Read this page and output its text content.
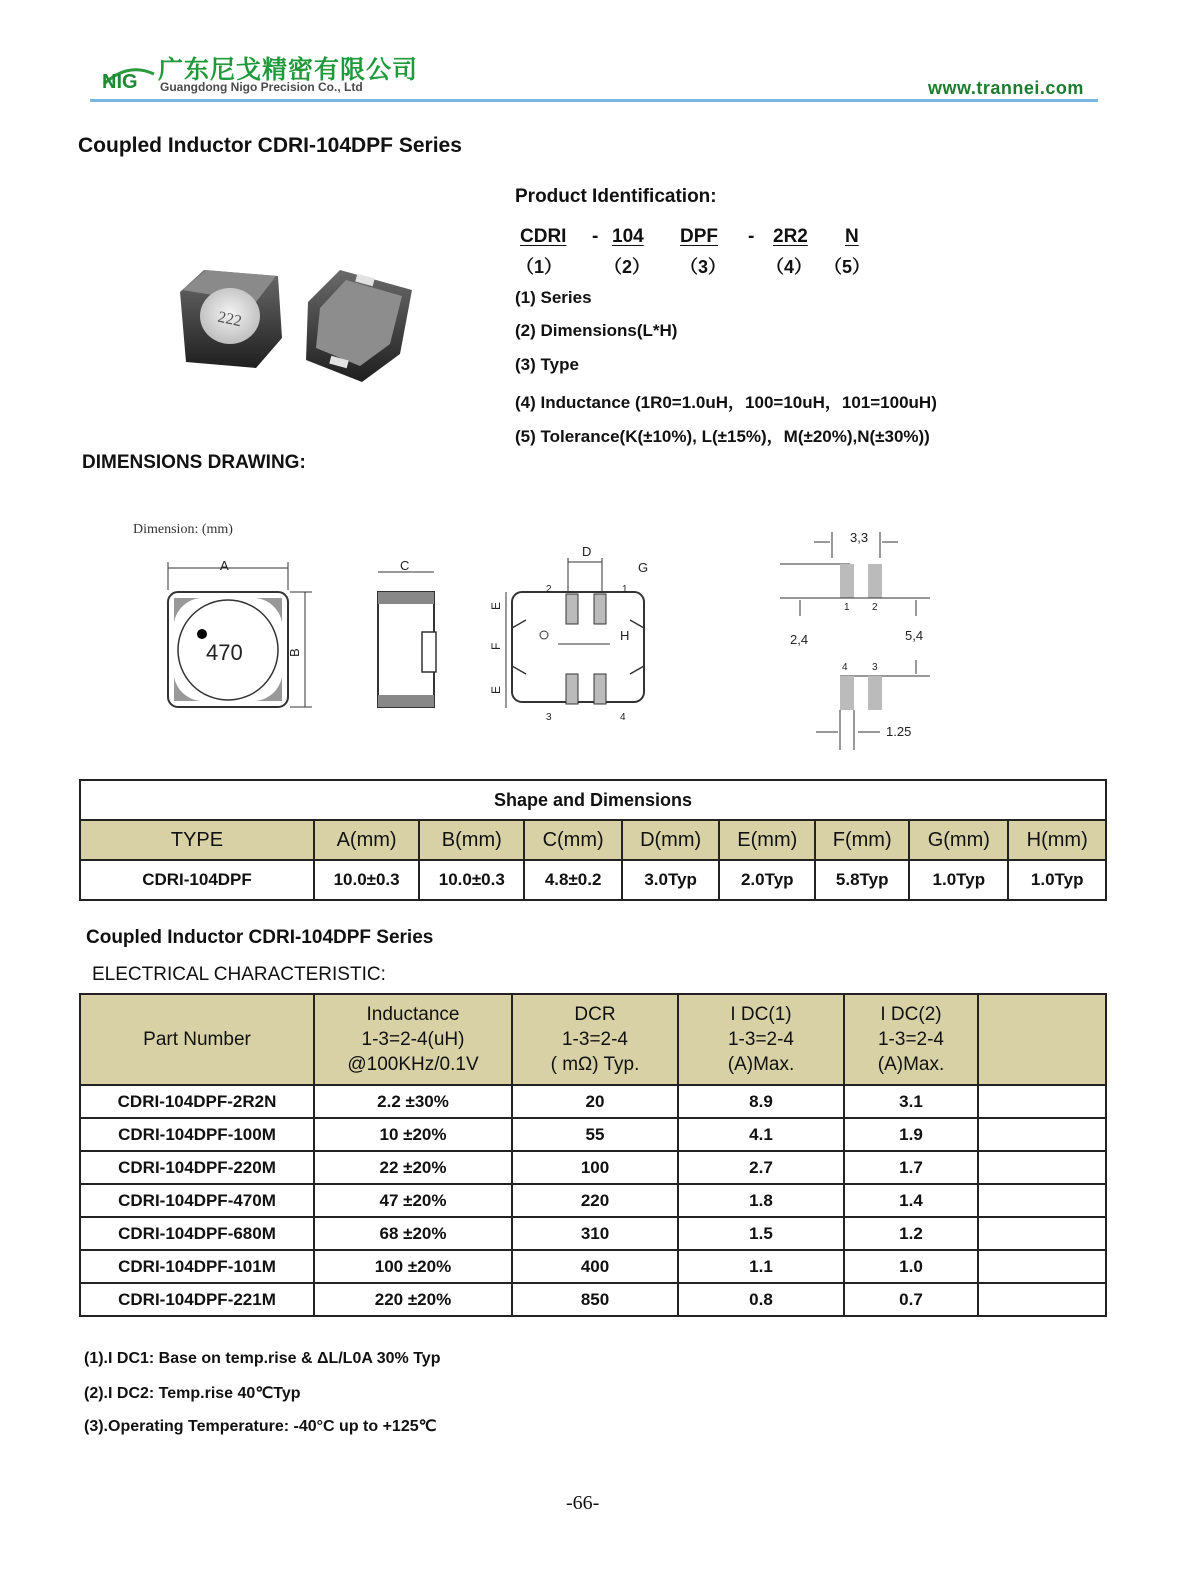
NIG 广东尼戈精密有限公司
Guangdong Nigo Precision Co., Ltd	www.trannei.com
Coupled Inductor CDRI-104DPF Series
222
Product Identification:
CDRI - 104 DPF - 2R2 N
（1） （2） （3） （4） （5）
(1) Series
(2) Dimensions(L*H)
(3) Type
(4) Inductance (1R0=1.0uH，100=10uH，101=100uH)
(5) Tolerance(K(±10%), L(±15%)，M(±20%),N(±30%))
DIMENSIONS DRAWING:
Dimension: (mm)
A
470	B
C
D
G
H
E
F
E
2	1
3	4
3,3
1 2
2,4	5,4
4 3
1.25
Shape and Dimensions								
TYPE	A(mm)	B(mm)	C(mm)	D(mm)	E(mm)	F(mm)	G(mm)	H(mm)
CDRI-104DPF	10.0±0.3	10.0±0.3	4.8±0.2	3.0Typ	2.0Typ	5.8Typ	1.0Typ	1.0Typ
Coupled Inductor CDRI-104DPF Series
ELECTRICAL CHARACTERISTIC:
Part Number	Inductance
1-3=2-4(uH)
@100KHz/0.1V	DCR
1-3=2-4
( mΩ) Typ.	I DC(1)
1-3=2-4
(A)Max.	I DC(2)
1-3=2-4
(A)Max.	
CDRI-104DPF-2R2N	2.2 ±30%	20	8.9	3.1	
CDRI-104DPF-100M	10 ±20%	55	4.1	1.9	
CDRI-104DPF-220M	22 ±20%	100	2.7	1.7	
CDRI-104DPF-470M	47 ±20%	220	1.8	1.4	
CDRI-104DPF-680M	68 ±20%	310	1.5	1.2	
CDRI-104DPF-101M	100 ±20%	400	1.1	1.0	
CDRI-104DPF-221M	220 ±20%	850	0.8	0.7	
(1).I DC1: Base on temp.rise & ΔL/L0A 30% Typ
(2).I DC2: Temp.rise 40℃Typ
(3).Operating Temperature: -40°C up to +125℃
-66-
